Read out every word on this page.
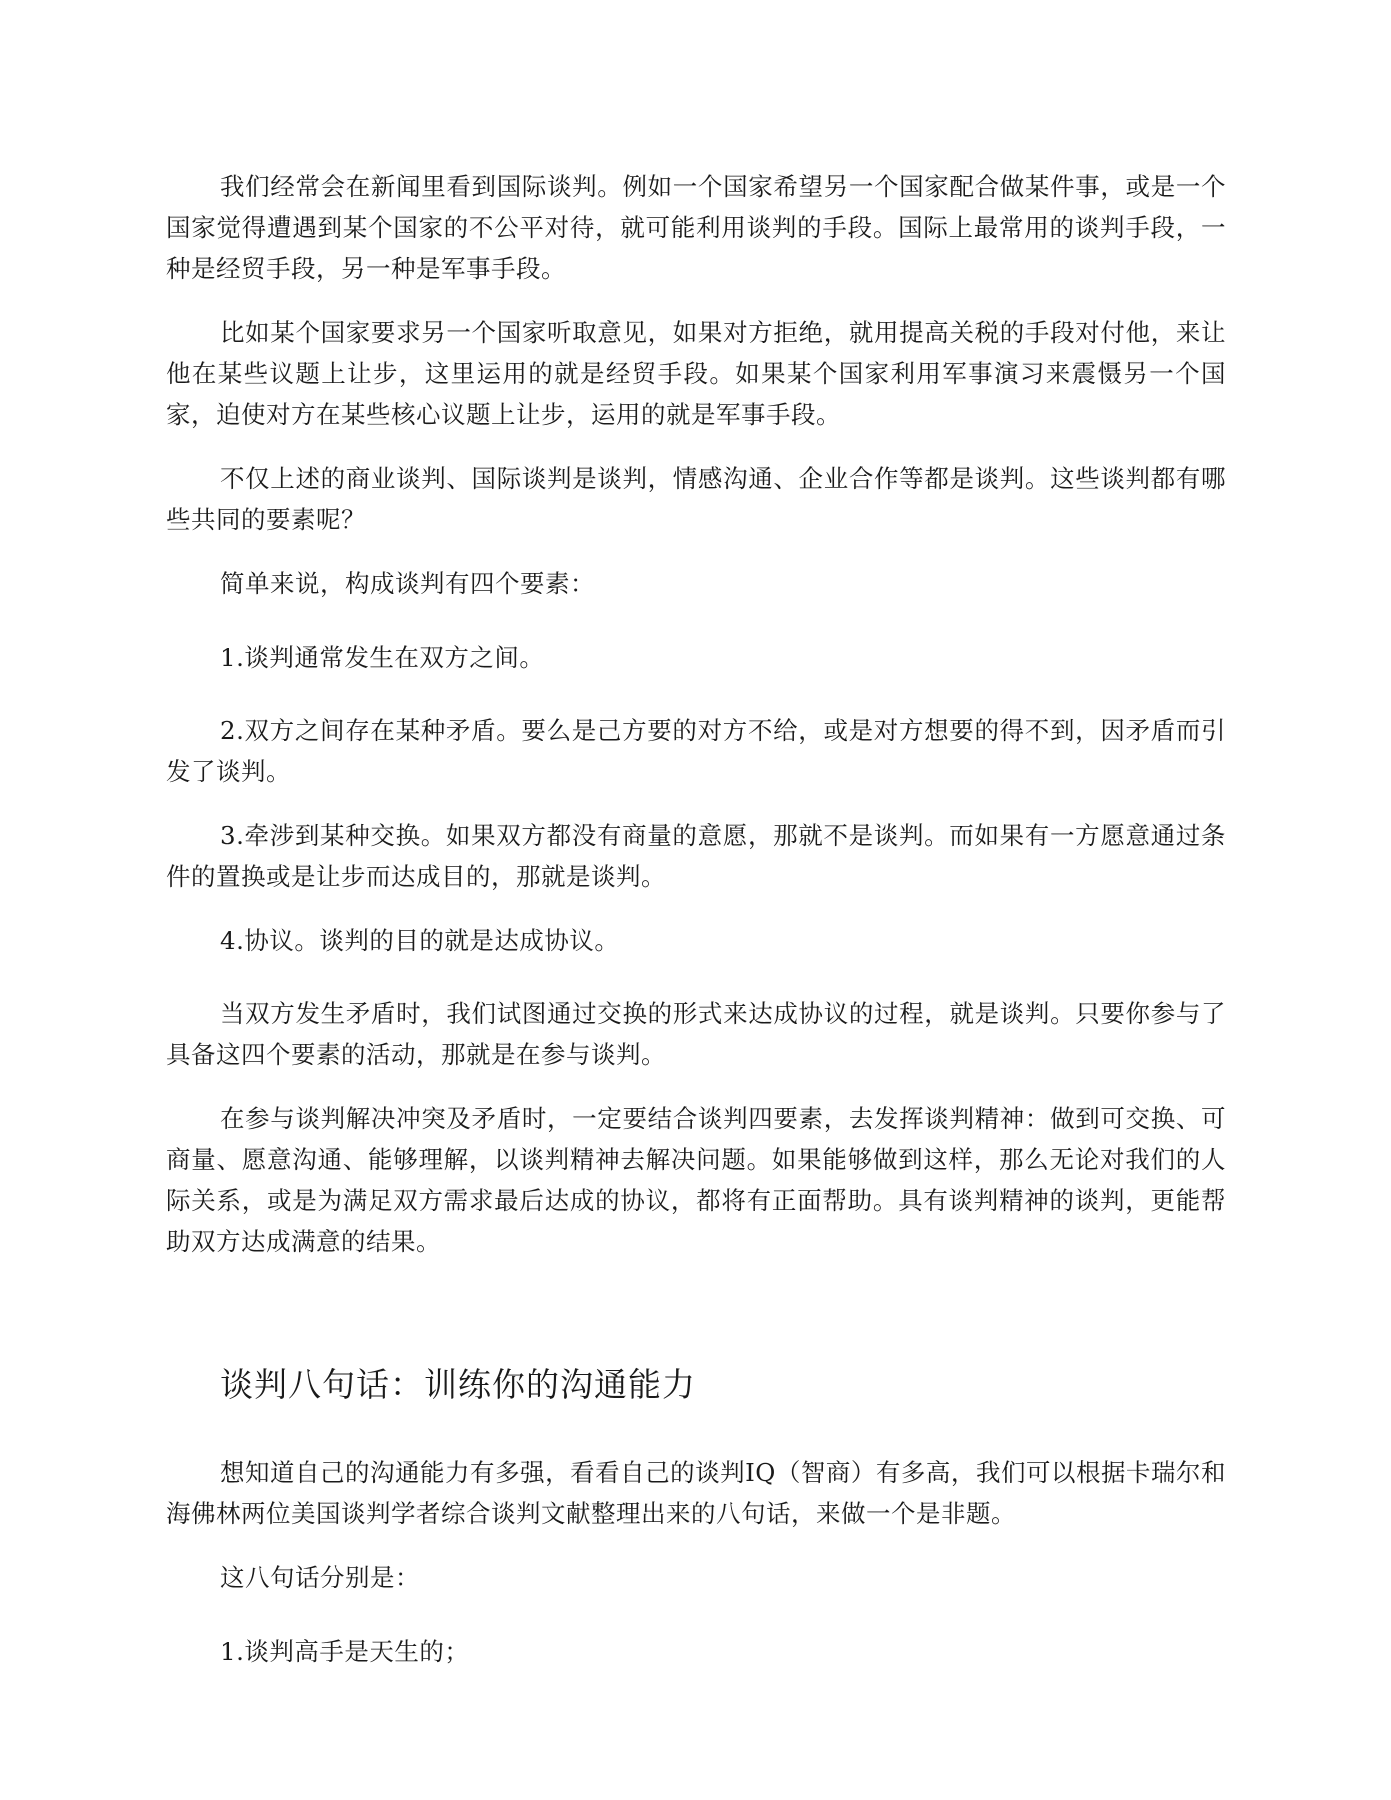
我们经常会在新闻里看到国际谈判。例如一个国家希望另一个国家配合做某件事，或是一个国家觉得遭遇到某个国家的不公平对待，就可能利用谈判的手段。国际上最常用的谈判手段，一种是经贸手段，另一种是军事手段。

比如某个国家要求另一个国家听取意见，如果对方拒绝，就用提高关税的手段对付他，来让他在某些议题上让步，这里运用的就是经贸手段。如果某个国家利用军事演习来震慑另一个国家，迫使对方在某些核心议题上让步，运用的就是军事手段。

不仅上述的商业谈判、国际谈判是谈判，情感沟通、企业合作等都是谈判。这些谈判都有哪些共同的要素呢？

简单来说，构成谈判有四个要素：

1.谈判通常发生在双方之间。

2.双方之间存在某种矛盾。要么是己方要的对方不给，或是对方想要的得不到，因矛盾而引发了谈判。

3.牵涉到某种交换。如果双方都没有商量的意愿，那就不是谈判。而如果有一方愿意通过条件的置换或是让步而达成目的，那就是谈判。

4.协议。谈判的目的就是达成协议。

当双方发生矛盾时，我们试图通过交换的形式来达成协议的过程，就是谈判。只要你参与了具备这四个要素的活动，那就是在参与谈判。

在参与谈判解决冲突及矛盾时，一定要结合谈判四要素，去发挥谈判精神：做到可交换、可商量、愿意沟通、能够理解，以谈判精神去解决问题。如果能够做到这样，那么无论对我们的人际关系，或是为满足双方需求最后达成的协议，都将有正面帮助。具有谈判精神的谈判，更能帮助双方达成满意的结果。

谈判八句话：训练你的沟通能力

想知道自己的沟通能力有多强，看看自己的谈判IQ（智商）有多高，我们可以根据卡瑞尔和海佛林两位美国谈判学者综合谈判文献整理出来的八句话，来做一个是非题。

这八句话分别是：

1.谈判高手是天生的；
